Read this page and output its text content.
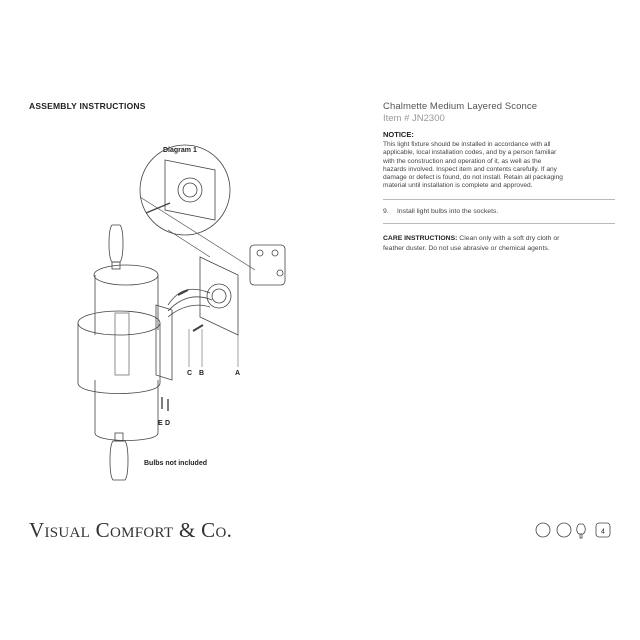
ASSEMBLY INSTRUCTIONS	Chalmette Medium Layered Sconce
Item # JN2300
NOTICE:
This light fixture should be installed in accordance with all
applicable, local installation codes, and by a person familiar
with the construction and operation of it, as well as the
hazards involved. Inspect item and contents carefully. If any
damage or defect is found, do not install. Retain all packaging
material until installation is complete and approved.
9. Install light bulbs into the sockets.
CARE INSTRUCTIONS: Clean only with a soft dry cloth or
feather duster. Do not use abrasive or chemical agents.
Diagram 1
C B	A
E D
Bulbs not included
Visual Comfort & Co.	4
